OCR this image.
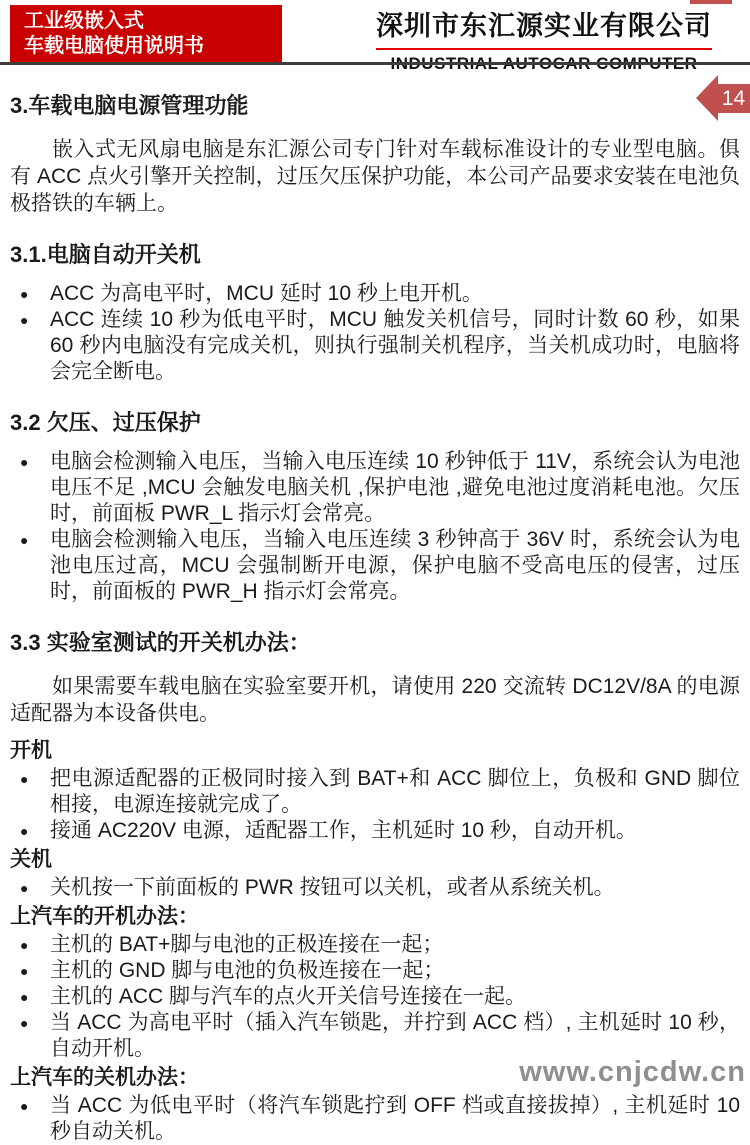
工业级嵌入式
车载电脑使用说明书
深圳市东汇源实业有限公司
14
www.cnjcdw.cn
3.车载电脑电源管理功能

嵌入式无风扇电脑是东汇源公司专门针对车载标准设计的专业型电脑。俱有 ACC 点火引擎开关控制，过压欠压保护功能，本公司产品要求安装在电池负极搭铁的车辆上。

3.1.电脑自动开关机
●	ACC 为高电平时，MCU 延时 10 秒上电开机。
●	ACC 连续 10 秒为低电平时，MCU 触发关机信号，同时计数 60 秒，如果 60 秒内电脑没有完成关机，则执行强制关机程序，当关机成功时，电脑将会完全断电。
3.2 欠压、过压保护
●	电脑会检测输入电压，当输入电压连续 10 秒钟低于 11V，系统会认为电池电压不足 ,MCU 会触发电脑关机 ,保护电池 ,避免电池过度消耗电池。欠压时，前面板 PWR_L 指示灯会常亮。
●	电脑会检测输入电压，当输入电压连续 3 秒钟高于 36V 时，系统会认为电池电压过高，MCU 会强制断开电源，保护电脑不受高电压的侵害，过压时，前面板的 PWR_H 指示灯会常亮。
3.3 实验室测试的开关机办法：

如果需要车载电脑在实验室要开机，请使用 220 交流转 DC12V/8A 的电源适配器为本设备供电。

开机
●	把电源适配器的正极同时接入到 BAT+和 ACC 脚位上，负极和 GND 脚位相接，电源连接就完成了。
●	接通 AC220V 电源，适配器工作，主机延时 10 秒，自动开机。
关机
●	关机按一下前面板的 PWR 按钮可以关机，或者从系统关机。
上汽车的开机办法：
●	主机的 BAT+脚与电池的正极连接在一起；
●	主机的 GND 脚与电池的负极连接在一起；
●	主机的 ACC 脚与汽车的点火开关信号连接在一起。
●	当 ACC 为高电平时（插入汽车锁匙，并拧到 ACC 档）, 主机延时 10 秒，自动开机。
上汽车的关机办法：
●	当 ACC 为低电平时（将汽车锁匙拧到 OFF 档或直接拔掉）, 主机延时 10 秒自动关机。
